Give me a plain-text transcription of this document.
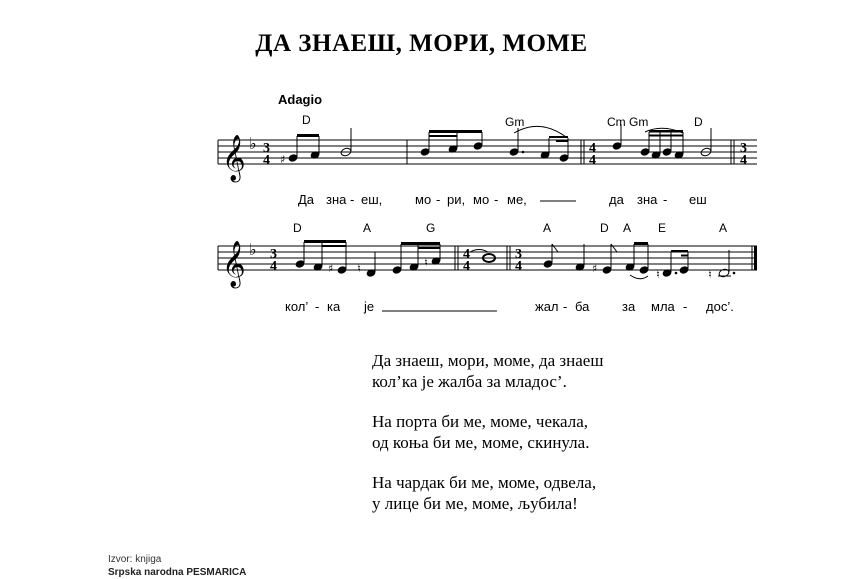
ДА ЗНАЕШ, МОРИ, МОМЕ
Adagio
D	Gm	Cm Gm	D
D	A	G	A	D A E	A
𝄞
𝄞
♭
♭
3
4
4
4
3
4
3
4
4
4
3
4
♯
♯ ♮	♮	♯	♮	♮
Да зна - еш,	мо - ри, мо - ме,	да зна - еш
кол’ - ка је	жал - ба	за мла - дос’.
Да знаеш, мори, моме, да знаеш
кол’ка је жалба за младос’.
На порта би ме, моме, чекала,
од коња би ме, моме, скинула.
На чардак би ме, моме, одвела,
у лице би ме, моме, љубила!
Izvor: knjiga
Srpska narodna PESMARICA
